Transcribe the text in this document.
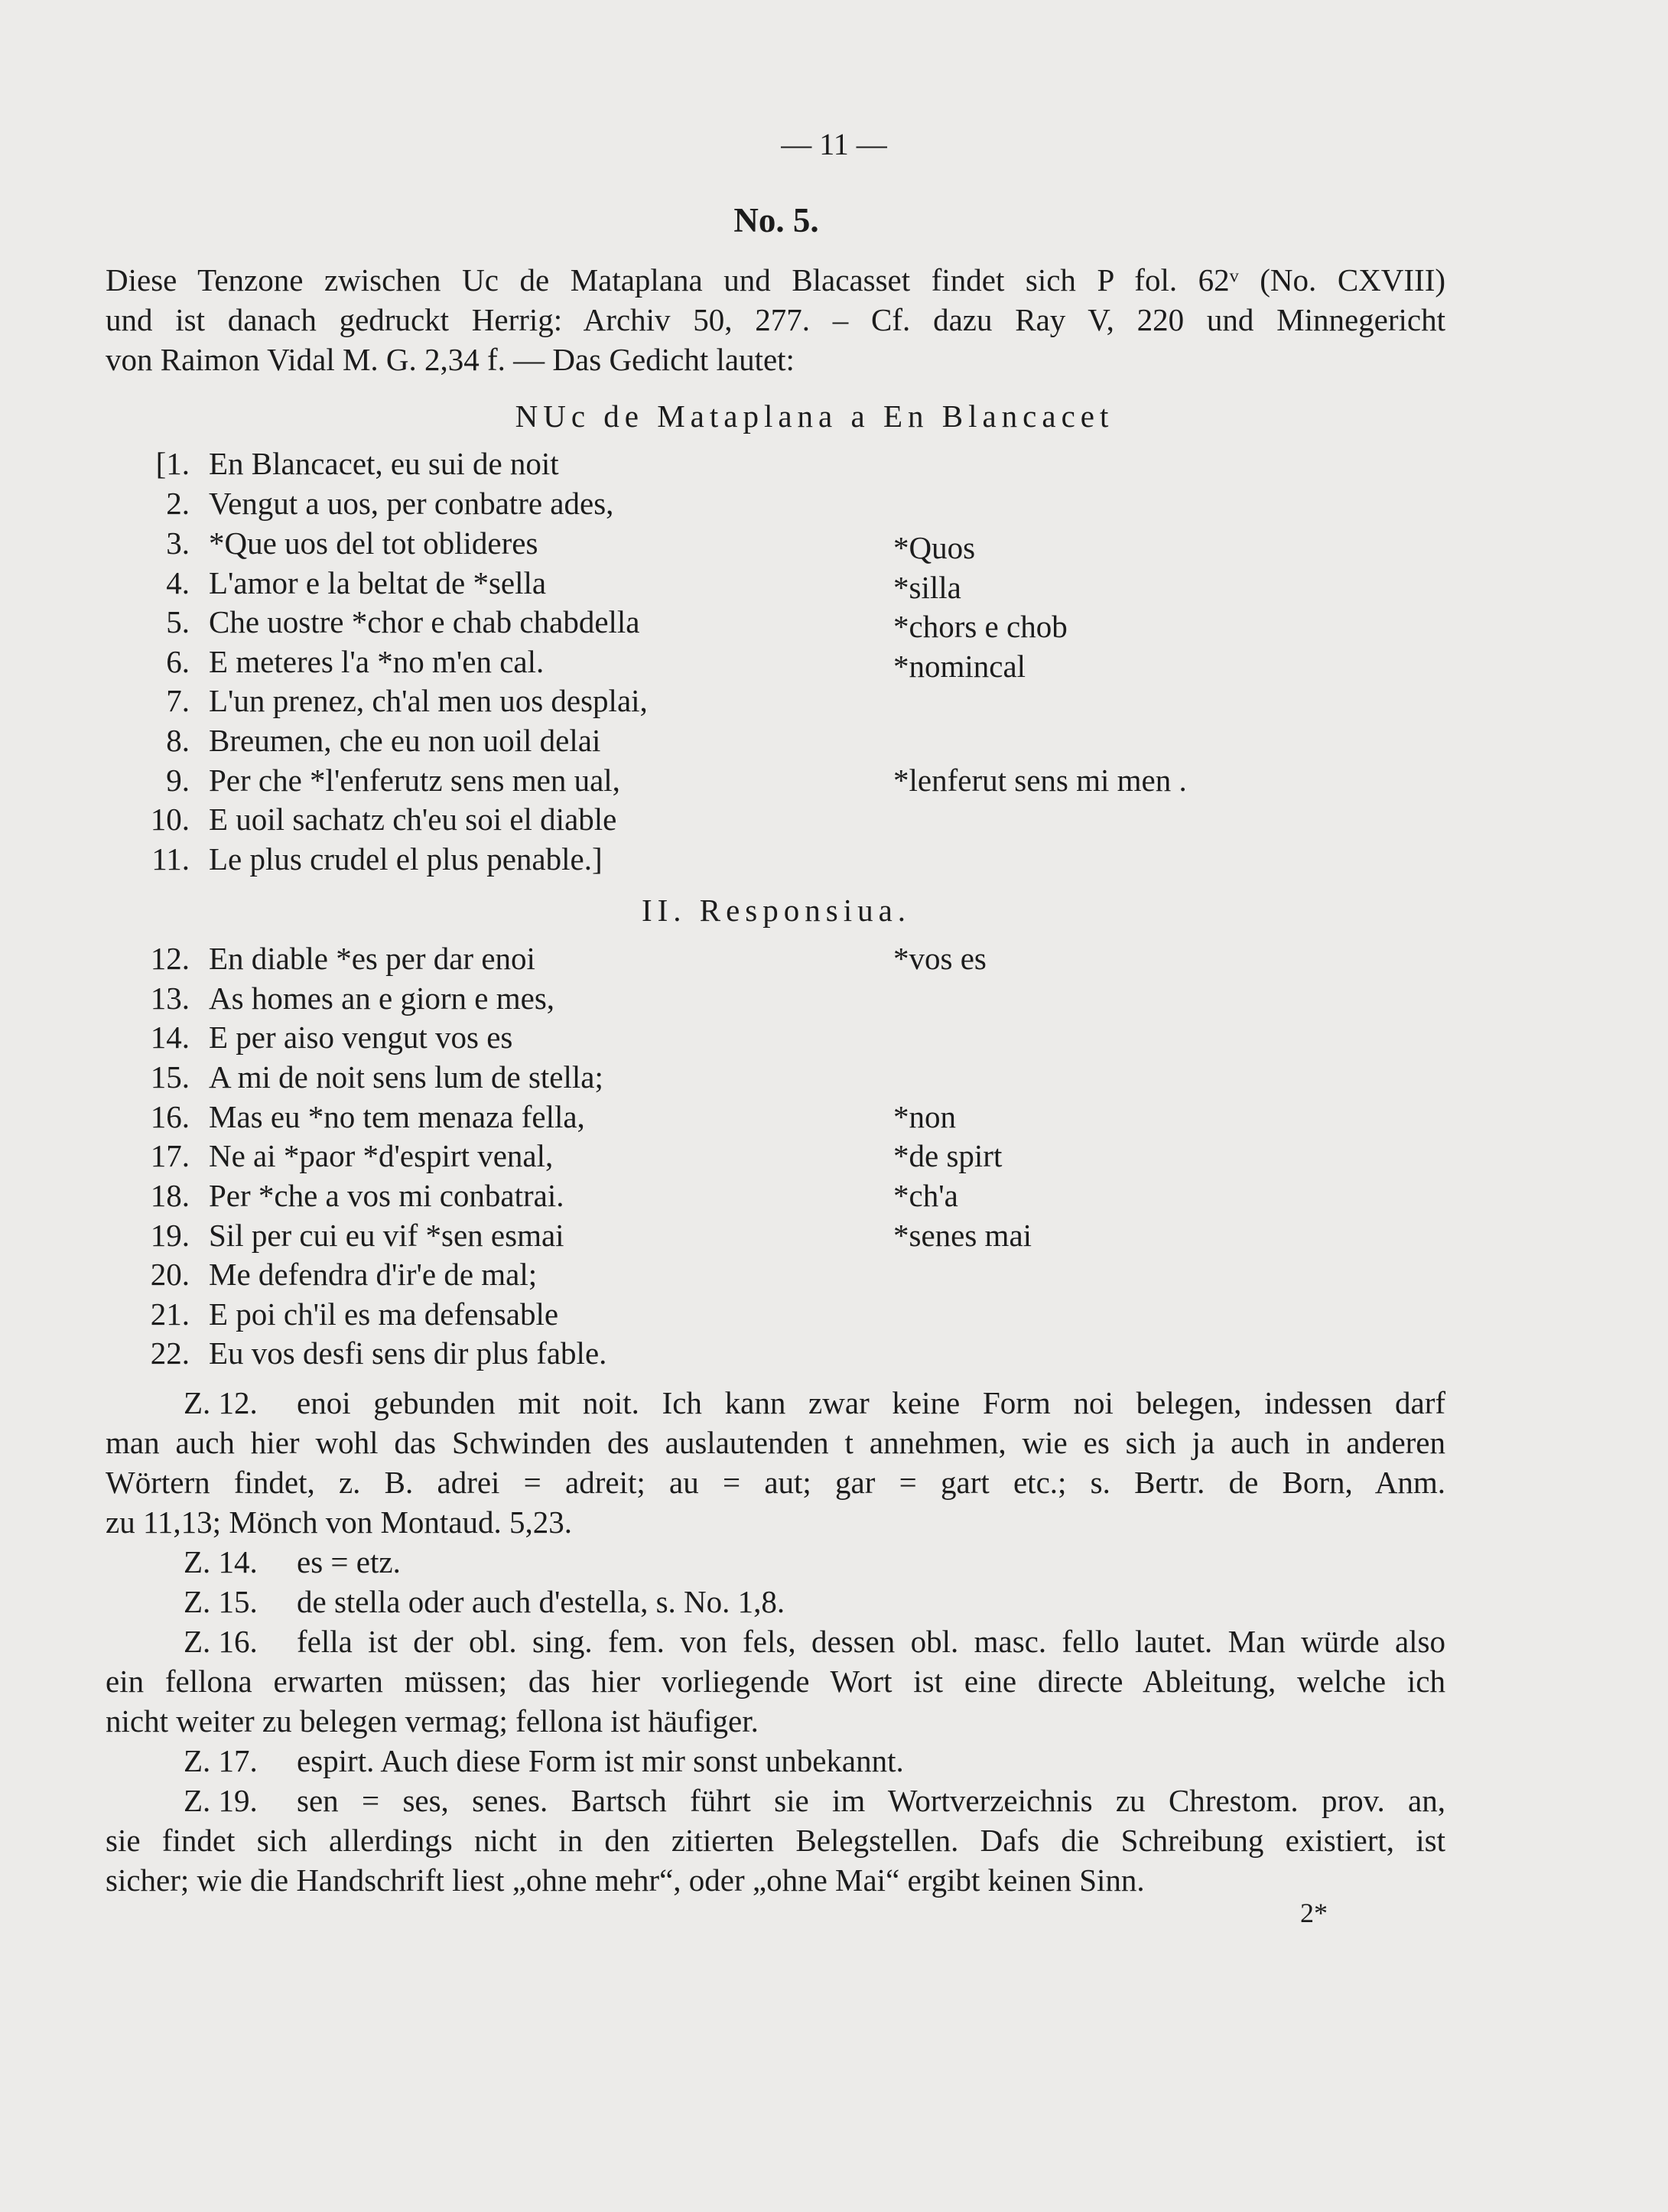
— 11 —
No. 5.
Diese Tenzone zwischen Uc de Mataplana und Blacasset findet sich P fol. 62ᵛ (No. CXVIII)
und ist danach gedruckt Herrig: Archiv 50, 277. – Cf. dazu Ray V, 220 und Minnegericht
von Raimon Vidal M. G. 2,34 f. — Das Gedicht lautet:
NUc de Mataplana a En Blancacet
[1. En Blancacet, eu sui de noit
2. Vengut a uos, per conbatre ades,
3. *Que uos del tot oblideres	*Quos
4. L'amor e la beltat de *sella	*silla
5. Che uostre *chor e chab chabdella	*chors e chob
6. E meteres l'a *no m'en cal.	*nomincal
7. L'un prenez, ch'al men uos desplai,
8. Breumen, che eu non uoil delai
9. Per che *l'enferutz sens men ual,	*lenferut sens mi men .
10. E uoil sachatz ch'eu soi el diable
11. Le plus crudel el plus penable.]
II. Responsiua.
12. En diable *es per dar enoi	*vos es
13. As homes an e giorn e mes,
14. E per aiso vengut vos es
15. A mi de noit sens lum de stella;
16. Mas eu *no tem menaza fella,	*non
17. Ne ai *paor *d'espirt venal,	*de spirt
18. Per *che a vos mi conbatrai.	*ch'a
19. Sil per cui eu vif *sen esmai	*senes mai
20. Me defendra d'ir'e de mal;
21. E poi ch'il es ma defensable
22. Eu vos desfi sens dir plus fable.
Z. 12. enoi gebunden mit noit. Ich kann zwar keine Form noi belegen, indessen darf
man auch hier wohl das Schwinden des auslautenden t annehmen, wie es sich ja auch in anderen
Wörtern findet, z. B. adrei = adreit; au = aut; gar = gart etc.; s. Bertr. de Born, Anm.
zu 11,13; Mönch von Montaud. 5,23.
Z. 14. es = etz.
Z. 15. de stella oder auch d'estella, s. No. 1,8.
Z. 16. fella ist der obl. sing. fem. von fels, dessen obl. masc. fello lautet. Man würde also
ein fellona erwarten müssen; das hier vorliegende Wort ist eine directe Ableitung, welche ich
nicht weiter zu belegen vermag; fellona ist häufiger.
Z. 17. espirt. Auch diese Form ist mir sonst unbekannt.
Z. 19. sen = ses, senes. Bartsch führt sie im Wortverzeichnis zu Chrestom. prov. an,
sie findet sich allerdings nicht in den zitierten Belegstellen. Dafs die Schreibung existiert, ist
sicher; wie die Handschrift liest „ohne mehr“, oder „ohne Mai“ ergibt keinen Sinn.
2*
